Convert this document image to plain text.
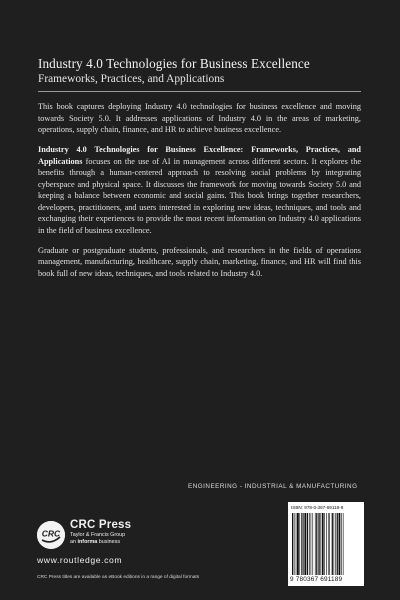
Industry 4.0 Technologies for Business Excellence
Frameworks, Practices, and Applications

This book captures deploying Industry 4.0 technologies for business excellence and moving towards Society 5.0. It addresses applications of Industry 4.0 in the areas of marketing, operations, supply chain, finance, and HR to achieve business excellence.

Industry 4.0 Technologies for Business Excellence: Frameworks, Practices, and Applications focuses on the use of AI in management across different sectors. It explores the benefits through a human-centered approach to resolving social problems by integrating cyberspace and physical space. It discusses the framework for moving towards Society 5.0 and keeping a balance between economic and social gains. This book brings together researchers, developers, practitioners, and users interested in exploring new ideas, techniques, and tools and exchanging their experiences to provide the most recent information on Industry 4.0 applications in the field of business excellence.

Graduate or postgraduate students, professionals, and researchers in the fields of operations management, manufacturing, healthcare, supply chain, marketing, finance, and HR will find this book full of new ideas, techniques, and tools related to Industry 4.0.

ENGINEERING - INDUSTRIAL & MANUFACTURING
CRC
CRC Press
Taylor & Francis Group
an informa business
www.routledge.com
CRC Press titles are available as eBook editions in a range of digital formats
ISBN: 978-0-367-69118-9
9 780367 691189
